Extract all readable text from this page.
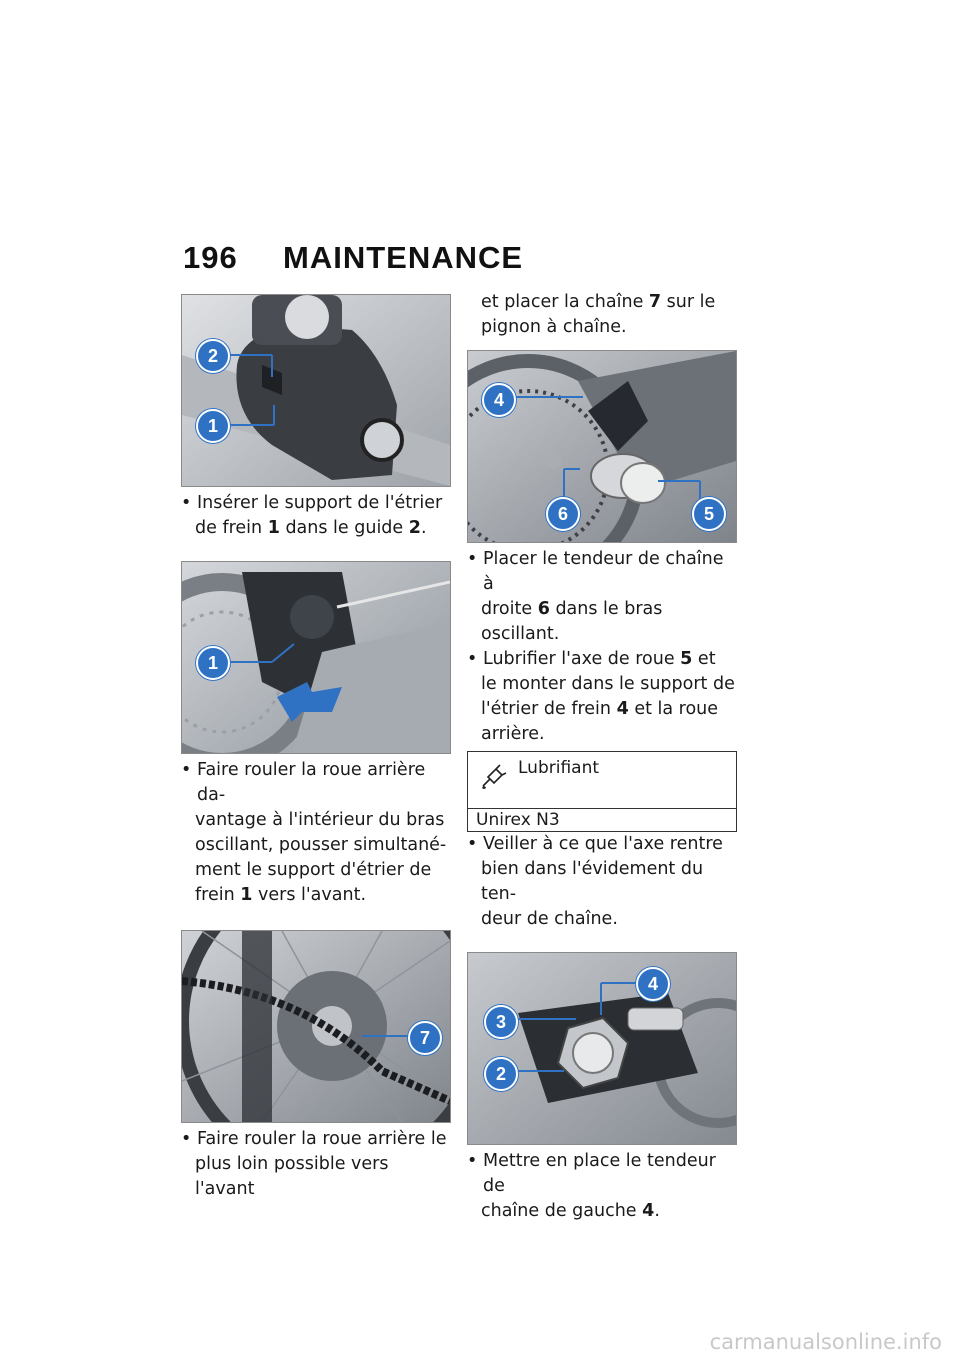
196 MAINTENANCE
2
1

• Insérer le support de l'étrier

de frein 1 dans le guide 2.

1

• Faire rouler la roue arrière da-

vantage à l'intérieur du bras

oscillant, pousser simultané-

ment le support d'étrier de

frein 1 vers l'avant.

7

• Faire rouler la roue arrière le

plus loin possible vers l'avant

et placer la chaîne 7 sur le

pignon à chaîne.

4
6	5

• Placer le tendeur de chaîne à

droite 6 dans le bras oscillant.

• Lubrifier l'axe de roue 5 et

le monter dans le support de

l'étrier de frein 4 et la roue

arrière.

Lubrifiant
Unirex N3

• Veiller à ce que l'axe rentre

bien dans l'évidement du ten-

deur de chaîne.

4
3
2

• Mettre en place le tendeur de

chaîne de gauche 4.

carmanualsonline.info
